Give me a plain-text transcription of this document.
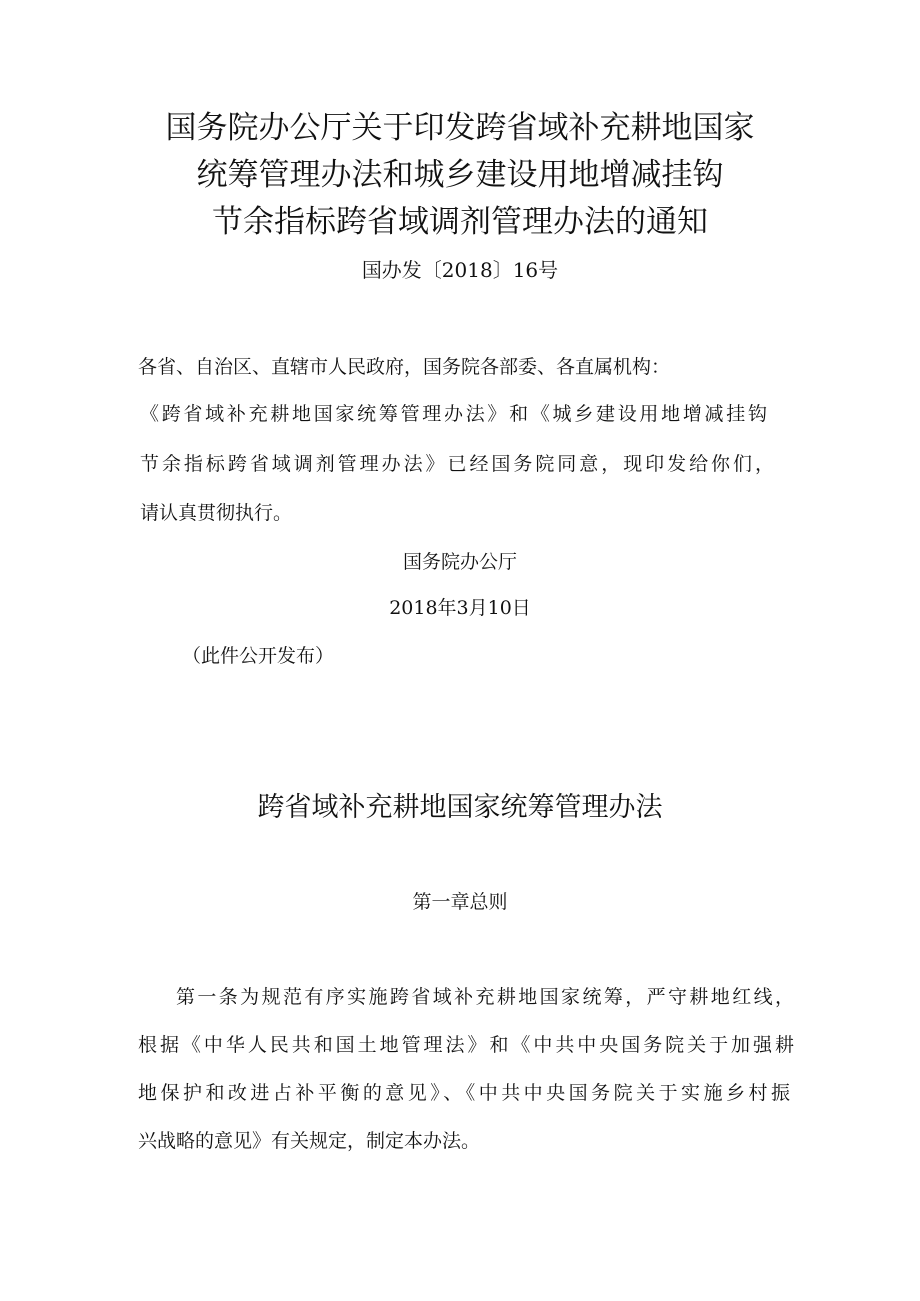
国务院办公厅关于印发跨省域补充耕地国家
统筹管理办法和城乡建设用地增减挂钩
节余指标跨省域调剂管理办法的通知
国办发〔2018〕16号
各省、自治区、直辖市人民政府，国务院各部委、各直属机构：
《跨省域补充耕地国家统筹管理办法》和《城乡建设用地增减挂钩
节余指标跨省域调剂管理办法》已经国务院同意，现印发给你们，
请认真贯彻执行。
国务院办公厅
2018年3月10日
（此件公开发布）
跨省域补充耕地国家统筹管理办法
第一章总则
第一条为规范有序实施跨省域补充耕地国家统筹，严守耕地红线，
根据《中华人民共和国土地管理法》和《中共中央国务院关于加强耕
地保护和改进占补平衡的意见》、《中共中央国务院关于实施乡村振
兴战略的意见》有关规定，制定本办法。
